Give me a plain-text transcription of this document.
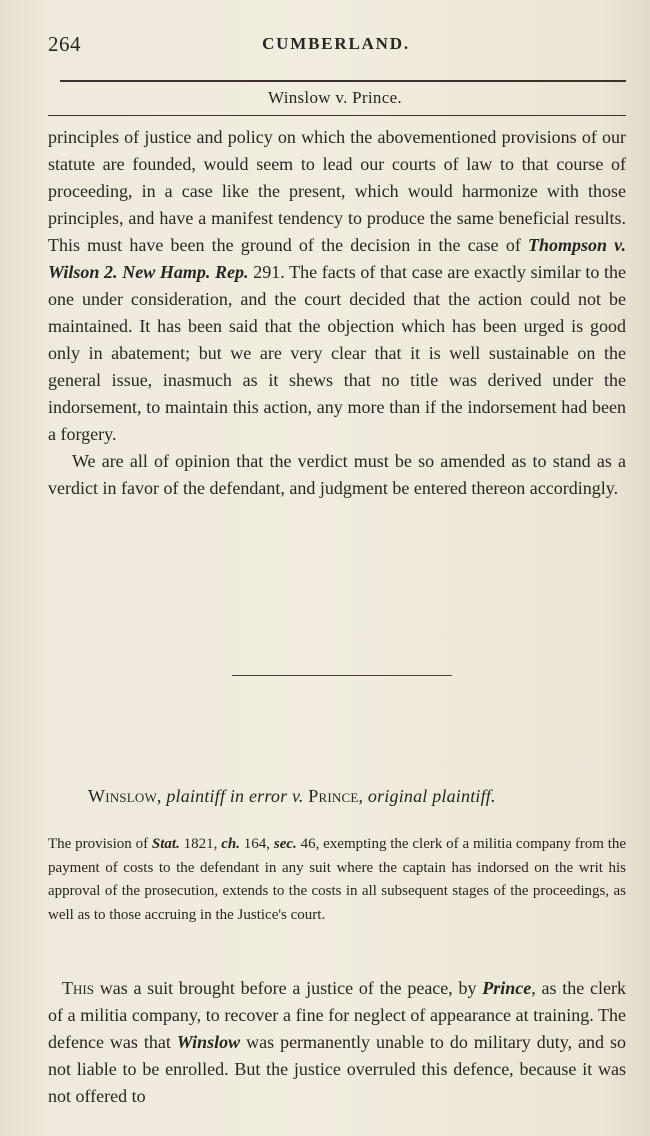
264	CUMBERLAND.
Winslow v. Prince.

principles of justice and policy on which the abovementioned provisions of our statute are founded, would seem to lead our courts of law to that course of proceeding, in a case like the present, which would harmonize with those principles, and have a manifest tendency to produce the same beneficial results. This must have been the ground of the decision in the case of Thompson v. Wilson 2. New Hamp. Rep. 291. The facts of that case are exactly similar to the one under consideration, and the court decided that the action could not be maintained. It has been said that the objection which has been urged is good only in abatement; but we are very clear that it is well sustainable on the general issue, inasmuch as it shews that no title was derived under the indorsement, to maintain this action, any more than if the indorsement had been a forgery.

We are all of opinion that the verdict must be so amended as to stand as a verdict in favor of the defendant, and judgment be entered thereon accordingly.

Winslow, plaintiff in error v. Prince, original plaintiff.

The provision of Stat. 1821, ch. 164, sec. 46, exempting the clerk of a militia company from the payment of costs to the defendant in any suit where the captain has indorsed on the writ his approval of the prosecution, extends to the costs in all subsequent stages of the proceedings, as well as to those accruing in the Justice's court.

This was a suit brought before a justice of the peace, by Prince, as the clerk of a militia company, to recover a fine for neglect of appearance at training. The defence was that Winslow was permanently unable to do military duty, and so not liable to be enrolled. But the justice overruled this defence, because it was not offered to
